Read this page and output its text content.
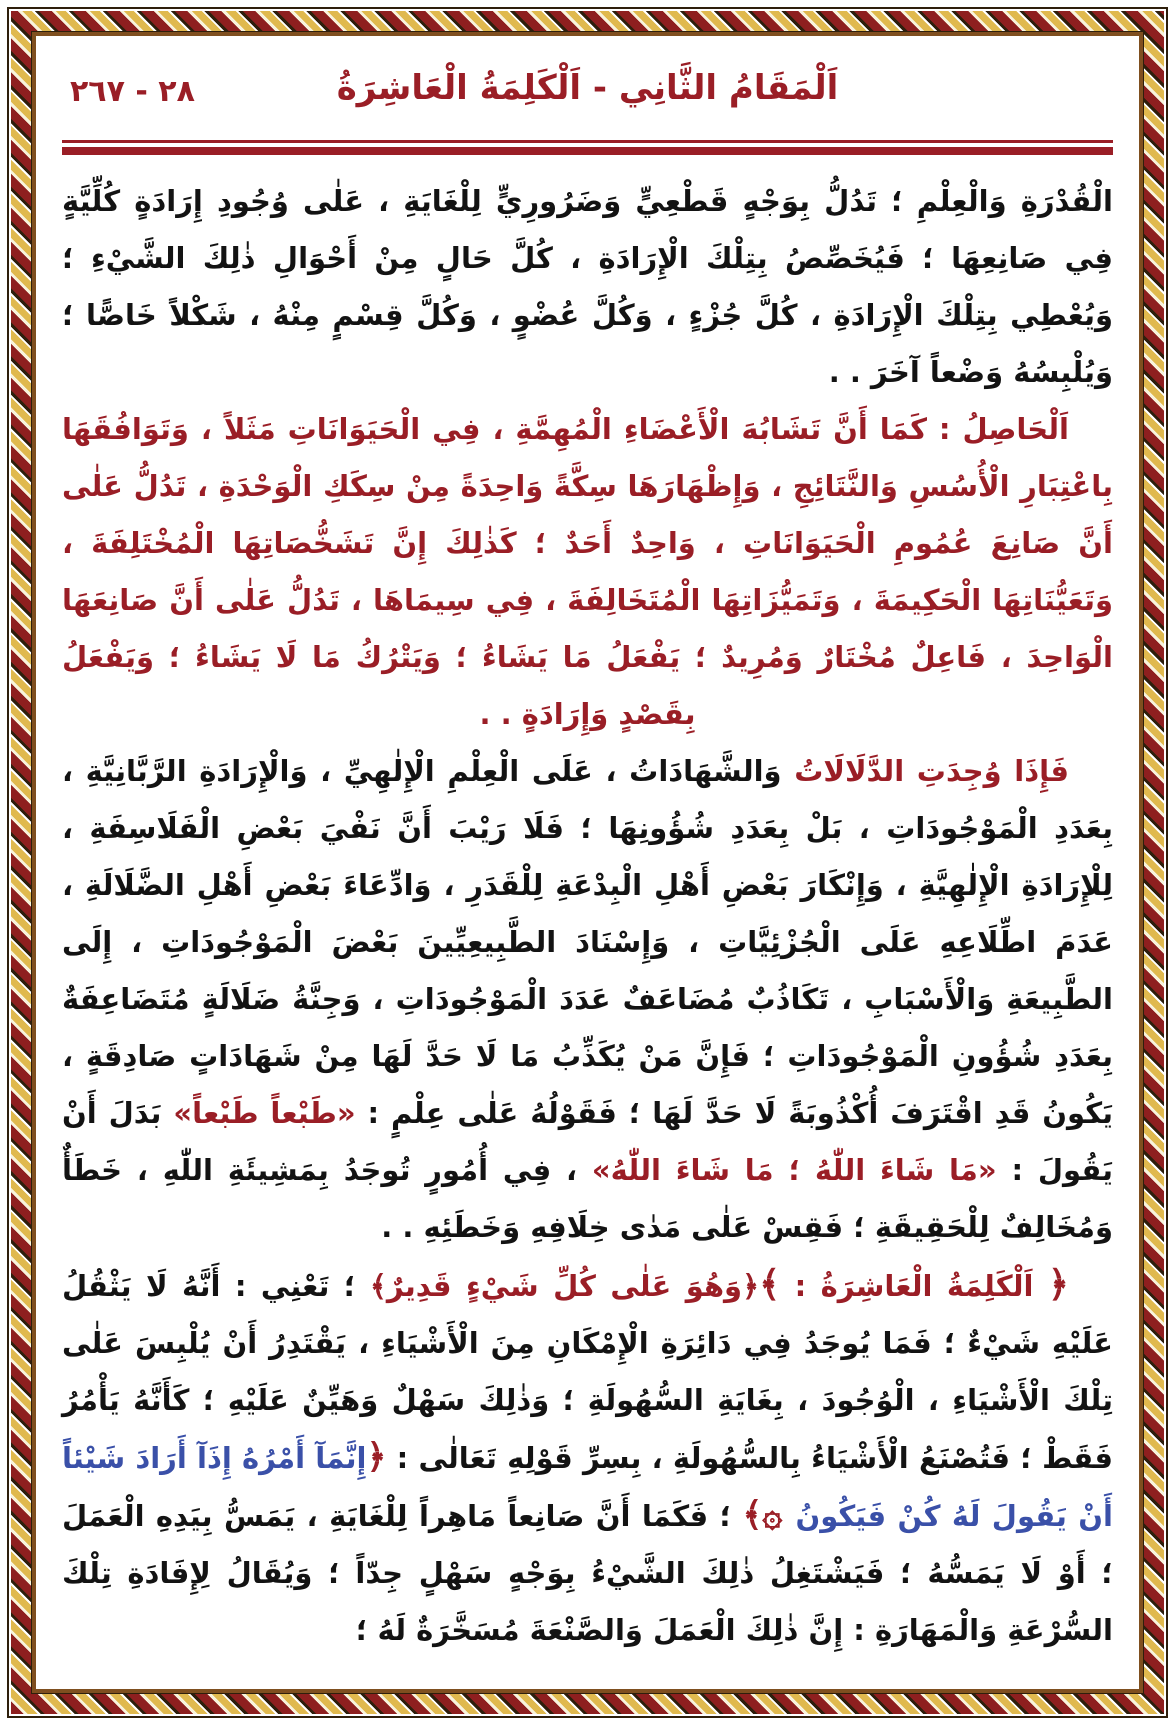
٢٨ - ٢٦٧	اَلْمَقَامُ الثَّانِي - اَلْكَلِمَةُ الْعَاشِرَةُ

الْقُدْرَةِ وَالْعِلْمِ ؛ تَدُلُّ بِوَجْهٍ قَطْعِيٍّ وَضَرُورِيٍّ لِلْغَايَةِ ، عَلٰى وُجُودِ إِرَادَةٍ كُلِّيَّةٍ فِي صَانِعِهَا ؛ فَيُخَصِّصُ بِتِلْكَ الْإِرَادَةِ ، كُلَّ حَالٍ مِنْ أَحْوَالِ ذٰلِكَ الشَّيْءِ ؛ وَيُعْطِي بِتِلْكَ الْإِرَادَةِ ، كُلَّ جُزْءٍ ، وَكُلَّ عُضْوٍ ، وَكُلَّ قِسْمٍ مِنْهُ ، شَكْلاً خَاصًّا ؛ وَيُلْبِسُهُ وَضْعاً آخَرَ . .

اَلْحَاصِلُ : كَمَا أَنَّ تَشَابُهَ الْأَعْضَاءِ الْمُهِمَّةِ ، فِي الْحَيَوَانَاتِ مَثَلاً ، وَتَوَافُقَهَا بِاعْتِبَارِ الْأُسُسِ وَالنَّتَائِجِ ، وَإِظْهَارَهَا سِكَّةً وَاحِدَةً مِنْ سِكَكِ الْوَحْدَةِ ، تَدُلُّ عَلٰى أَنَّ صَانِعَ عُمُومِ الْحَيَوَانَاتِ ، وَاحِدٌ أَحَدٌ ؛ كَذٰلِكَ إِنَّ تَشَخُّصَاتِهَا الْمُخْتَلِفَةَ ، وَتَعَيُّنَاتِهَا الْحَكِيمَةَ ، وَتَمَيُّزَاتِهَا الْمُتَخَالِفَةَ ، فِي سِيمَاهَا ، تَدُلُّ عَلٰى أَنَّ صَانِعَهَا الْوَاحِدَ ، فَاعِلٌ مُخْتَارٌ وَمُرِيدٌ ؛ يَفْعَلُ مَا يَشَاءُ ؛ وَيَتْرُكُ مَا لَا يَشَاءُ ؛ وَيَفْعَلُ بِقَصْدٍ وَإِرَادَةٍ . .

فَإِذَا وُجِدَتِ الدَّلَالَاتُ وَالشَّهَادَاتُ ، عَلَى الْعِلْمِ الْإِلٰهِيِّ ، وَالْإِرَادَةِ الرَّبَّانِيَّةِ ، بِعَدَدِ الْمَوْجُودَاتِ ، بَلْ بِعَدَدِ شُؤُونِهَا ؛ فَلَا رَيْبَ أَنَّ نَفْيَ بَعْضِ الْفَلَاسِفَةِ ، لِلْإِرَادَةِ الْإِلٰهِيَّةِ ، وَإِنْكَارَ بَعْضِ أَهْلِ الْبِدْعَةِ لِلْقَدَرِ ، وَادِّعَاءَ بَعْضِ أَهْلِ الضَّلَالَةِ ، عَدَمَ اطِّلَاعِهِ عَلَى الْجُزْئِيَّاتِ ، وَإِسْنَادَ الطَّبِيعِيِّينَ بَعْضَ الْمَوْجُودَاتِ ، إِلَى الطَّبِيعَةِ وَالْأَسْبَابِ ، تَكَاذُبٌ مُضَاعَفٌ عَدَدَ الْمَوْجُودَاتِ ، وَجِنَّةُ ضَلَالَةٍ مُتَضَاعِفَةٌ بِعَدَدِ شُؤُونِ الْمَوْجُودَاتِ ؛ فَإِنَّ مَنْ يُكَذِّبُ مَا لَا حَدَّ لَهَا مِنْ شَهَادَاتٍ صَادِقَةٍ ، يَكُونُ قَدِ اقْتَرَفَ أُكْذُوبَةً لَا حَدَّ لَهَا ؛ فَقَوْلُهُ عَلٰى عِلْمٍ : «طَبْعاً طَبْعاً» بَدَلَ أَنْ يَقُولَ : «مَا شَاءَ اللّٰهُ ؛ مَا شَاءَ اللّٰهُ» ، فِي أُمُورٍ تُوجَدُ بِمَشِيئَةِ اللّٰهِ ، خَطَأٌ وَمُخَالِفٌ لِلْحَقِيقَةِ ؛ فَقِسْ عَلٰى مَدٰى خِلَافِهِ وَخَطَئِهِ . .

﴿ اَلْكَلِمَةُ الْعَاشِرَةُ : ﴾﴿وَهُوَ عَلٰى كُلِّ شَيْءٍ قَدِيرٌ﴾ ؛ تَعْنِي : أَنَّهُ لَا يَثْقُلُ عَلَيْهِ شَيْءٌ ؛ فَمَا يُوجَدُ فِي دَائِرَةِ الْإِمْكَانِ مِنَ الْأَشْيَاءِ ، يَقْتَدِرُ أَنْ يُلْبِسَ عَلٰى تِلْكَ الْأَشْيَاءِ ، الْوُجُودَ ، بِغَايَةِ السُّهُولَةِ ؛ وَذٰلِكَ سَهْلٌ وَهَيِّنٌ عَلَيْهِ ؛ كَأَنَّهُ يَأْمُرُ فَقَطْ ؛ فَتُصْنَعُ الْأَشْيَاءُ بِالسُّهُولَةِ ، بِسِرِّ قَوْلِهِ تَعَالٰى : ﴿إِنَّمَآ أَمْرُهُ إِذَآ أَرَادَ شَيْئاً أَنْ يَقُولَ لَهُ كُنْ فَيَكُونُ ۞﴾ ؛ فَكَمَا أَنَّ صَانِعاً مَاهِراً لِلْغَايَةِ ، يَمَسُّ بِيَدِهِ الْعَمَلَ ؛ أَوْ لَا يَمَسُّهُ ؛ فَيَشْتَغِلُ ذٰلِكَ الشَّيْءُ بِوَجْهٍ سَهْلٍ جِدّاً ؛ وَيُقَالُ لِإِفَادَةِ تِلْكَ السُّرْعَةِ وَالْمَهَارَةِ : إِنَّ ذٰلِكَ الْعَمَلَ وَالصَّنْعَةَ مُسَخَّرَةٌ لَهُ ؛
